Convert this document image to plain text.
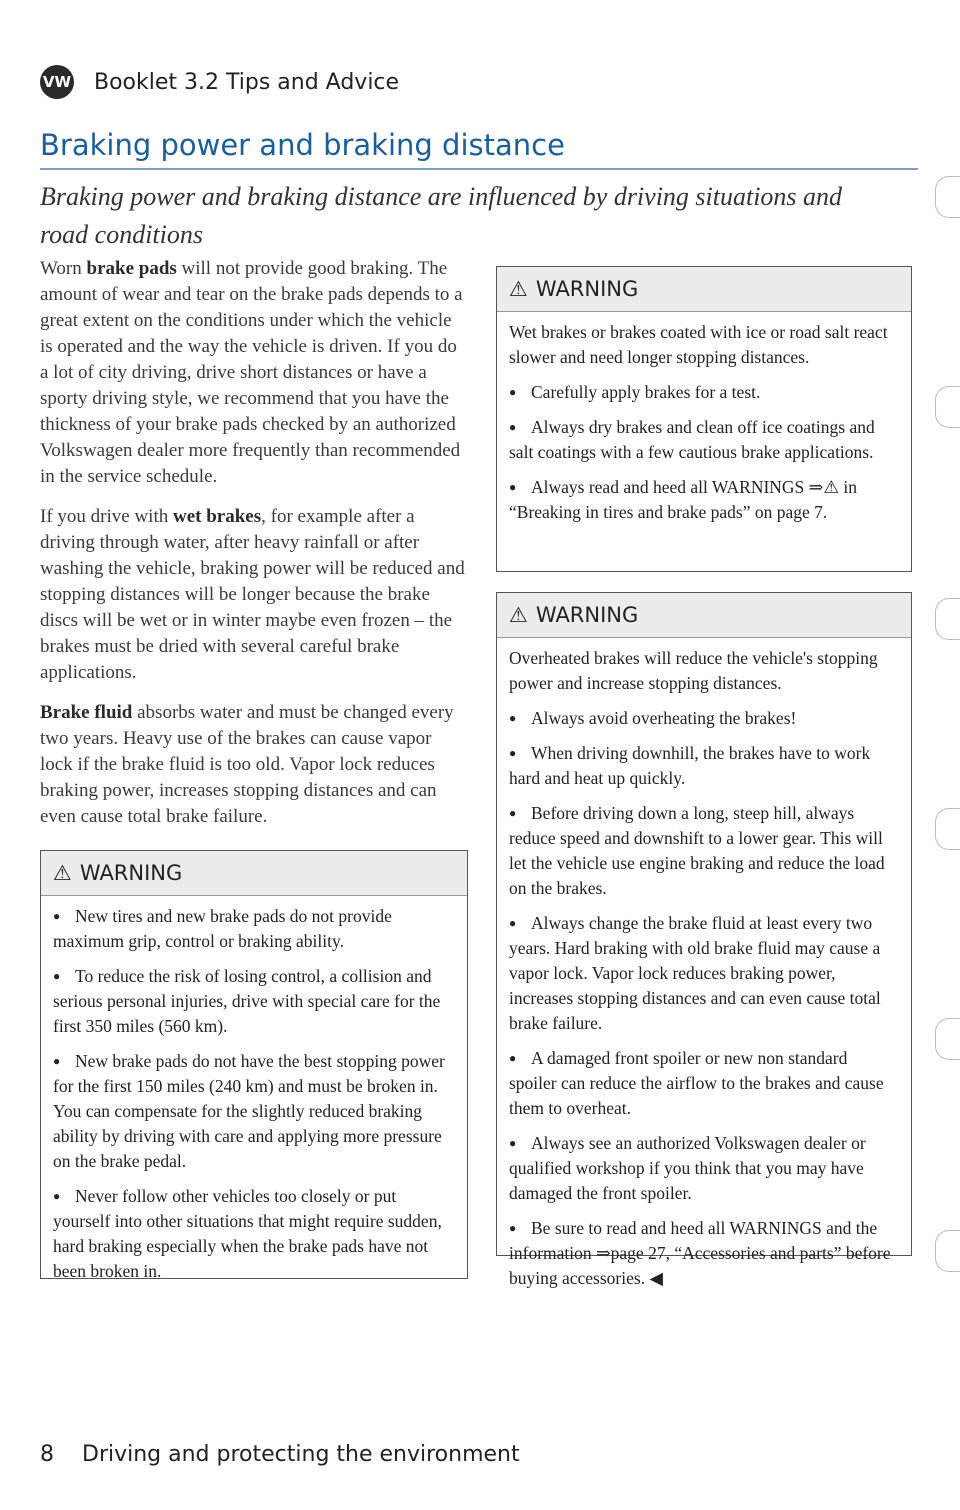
VW Booklet 3.2 Tips and Advice
Braking power and braking distance
Braking power and braking distance are influenced by driving situations and road conditions

Worn brake pads will not provide good braking. The amount of wear and tear on the brake pads depends to a great extent on the conditions under which the vehicle is operated and the way the vehicle is driven. If you do a lot of city driving, drive short distances or have a sporty driving style, we recommend that you have the thickness of your brake pads checked by an authorized Volkswagen dealer more frequently than recommended in the service schedule.

If you drive with wet brakes, for example after a driving through water, after heavy rainfall or after washing the vehicle, braking power will be reduced and stopping distances will be longer because the brake discs will be wet or in winter maybe even frozen – the brakes must be dried with several careful brake applications.

Brake fluid absorbs water and must be changed every two years. Heavy use of the brakes can cause vapor lock if the brake fluid is too old. Vapor lock reduces braking power, increases stopping distances and can even cause total brake failure.

⚠ WARNING
● New tires and new brake pads do not provide maximum grip, control or braking ability.
● To reduce the risk of losing control, a collision and serious personal injuries, drive with special care for the first 350 miles (560 km).
● New brake pads do not have the best stopping power for the first 150 miles (240 km) and must be broken in. You can compensate for the slightly reduced braking ability by driving with care and applying more pressure on the brake pedal.
● Never follow other vehicles too closely or put yourself into other situations that might require sudden, hard braking especially when the brake pads have not been broken in.
⚠ WARNING

Wet brakes or brakes coated with ice or road salt react slower and need longer stopping distances.

● Carefully apply brakes for a test.
● Always dry brakes and clean off ice coatings and salt coatings with a few cautious brake applications.
● Always read and heed all WARNINGS ⇒⚠ in “Breaking in tires and brake pads” on page 7.
⚠ WARNING

Overheated brakes will reduce the vehicle's stopping power and increase stopping distances.

● Always avoid overheating the brakes!
● When driving downhill, the brakes have to work hard and heat up quickly.
● Before driving down a long, steep hill, always reduce speed and downshift to a lower gear. This will let the vehicle use engine braking and reduce the load on the brakes.
● Always change the brake fluid at least every two years. Hard braking with old brake fluid may cause a vapor lock. Vapor lock reduces braking power, increases stopping distances and can even cause total brake failure.
● A damaged front spoiler or new non standard spoiler can reduce the airflow to the brakes and cause them to overheat.
● Always see an authorized Volkswagen dealer or qualified workshop if you think that you may have damaged the front spoiler.
● Be sure to read and heed all WARNINGS and the information ⇒page 27, “Accessories and parts” before buying accessories. ◀
8 Driving and protecting the environment
